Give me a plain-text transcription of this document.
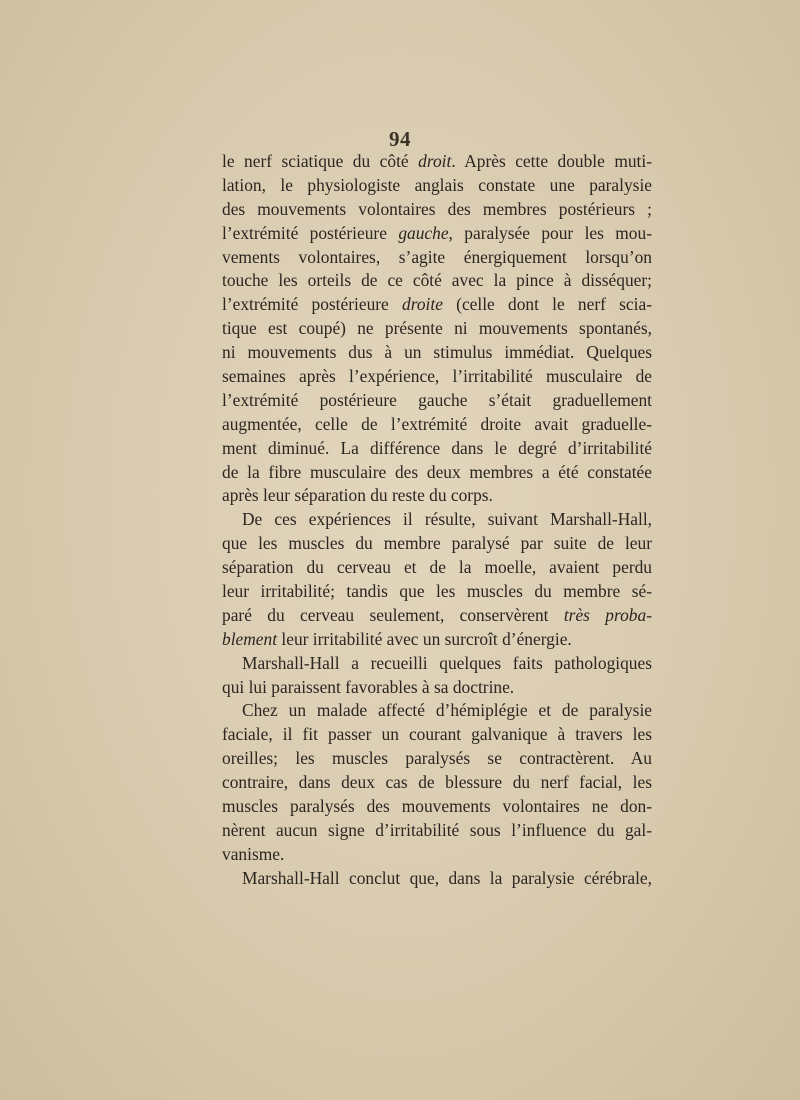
94
le nerf sciatique du côté droit. Après cette double muti-
lation, le physiologiste anglais constate une paralysie
des mouvements volontaires des membres postérieurs ;
l’extrémité postérieure gauche, paralysée pour les mou-
vements volontaires, s’agite énergiquement lorsqu’on
touche les orteils de ce côté avec la pince à disséquer;
l’extrémité postérieure droite (celle dont le nerf scia-
tique est coupé) ne présente ni mouvements spontanés,
ni mouvements dus à un stimulus immédiat. Quelques
semaines après l’expérience, l’irritabilité musculaire de
l’extrémité postérieure gauche s’était graduellement
augmentée, celle de l’extrémité droite avait graduelle-
ment diminué. La différence dans le degré d’irritabilité
de la fibre musculaire des deux membres a été constatée
après leur séparation du reste du corps.
De ces expériences il résulte, suivant Marshall-Hall,
que les muscles du membre paralysé par suite de leur
séparation du cerveau et de la moelle, avaient perdu
leur irritabilité; tandis que les muscles du membre sé-
paré du cerveau seulement, conservèrent très proba-
blement leur irritabilité avec un surcroît d’énergie.
Marshall-Hall a recueilli quelques faits pathologiques
qui lui paraissent favorables à sa doctrine.
Chez un malade affecté d’hémiplégie et de paralysie
faciale, il fit passer un courant galvanique à travers les
oreilles; les muscles paralysés se contractèrent. Au
contraire, dans deux cas de blessure du nerf facial, les
muscles paralysés des mouvements volontaires ne don-
nèrent aucun signe d’irritabilité sous l’influence du gal-
vanisme.
Marshall-Hall conclut que, dans la paralysie cérébrale,
